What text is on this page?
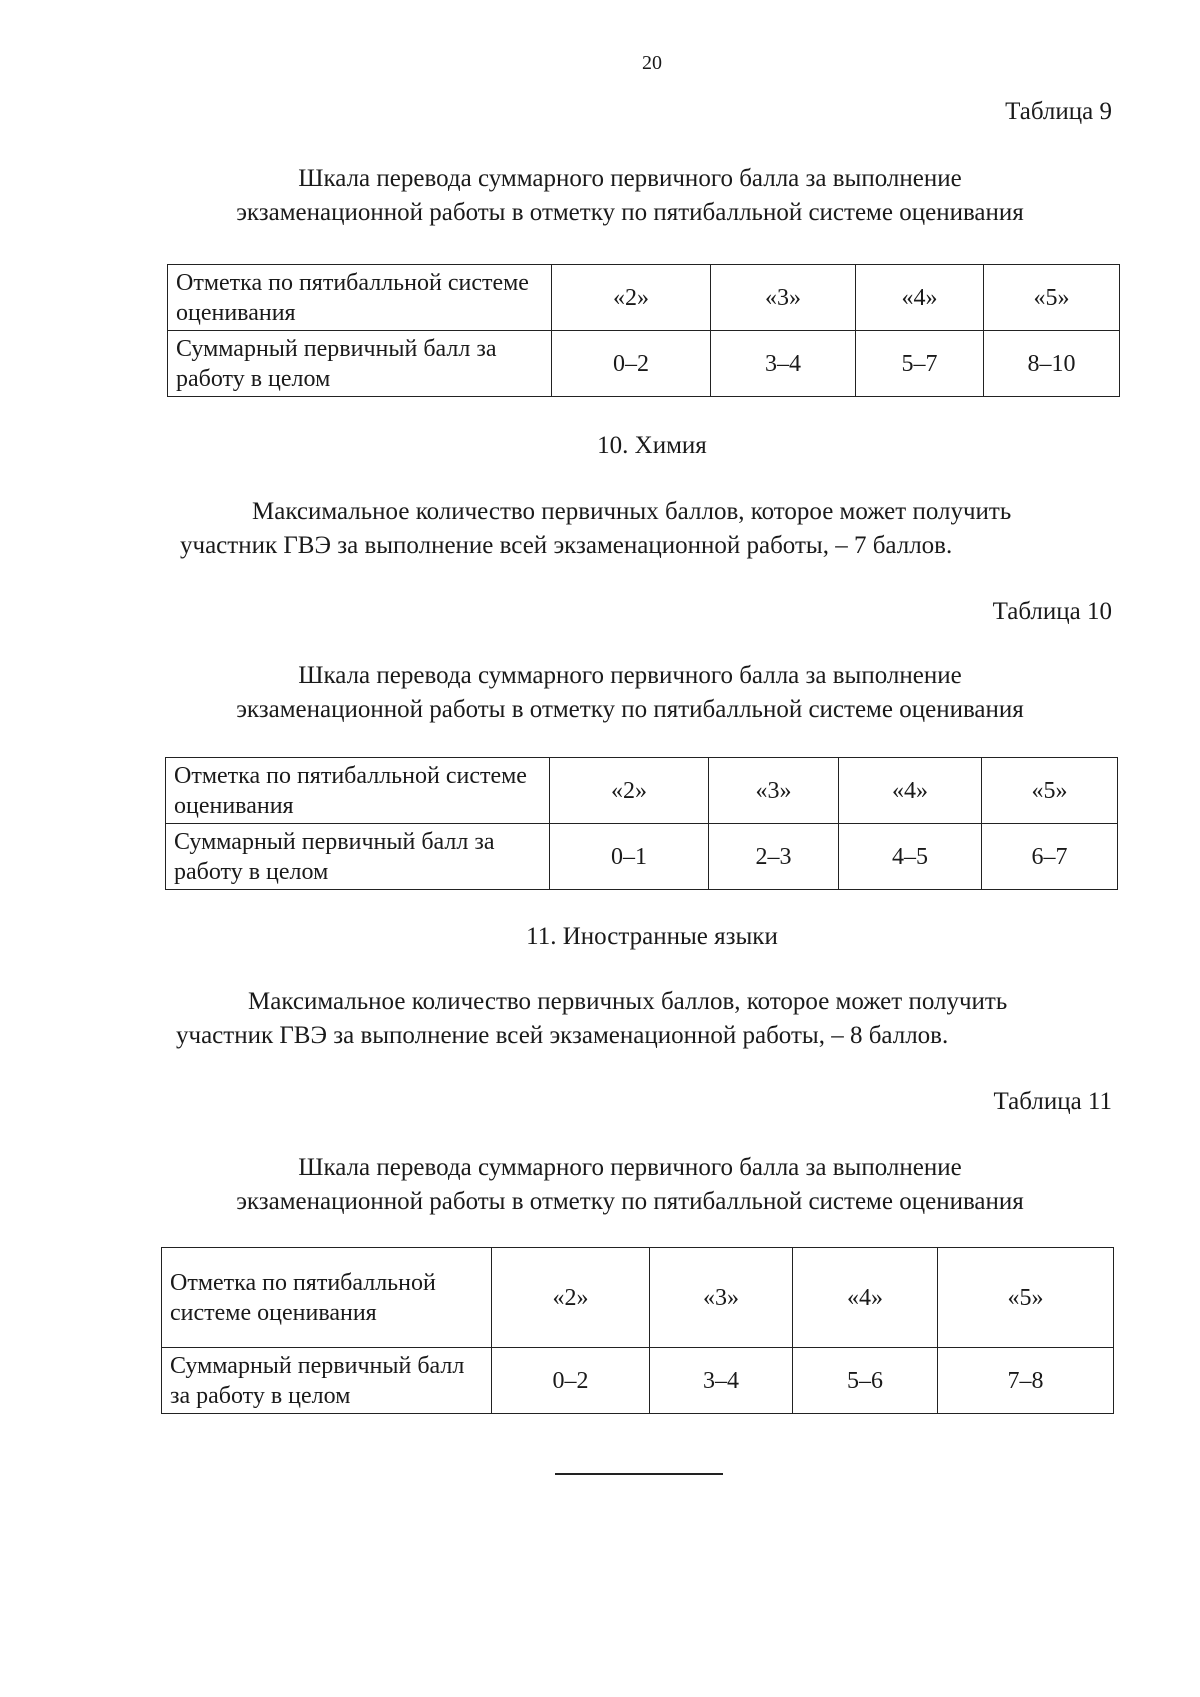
20
Таблица 9
Шкала перевода суммарного первичного балла за выполнение
экзаменационной работы в отметку по пятибалльной системе оценивания
Отметка по пятибалльной системе оценивания	«2»	«3»	«4»	«5»
Суммарный первичный балл за работу в целом	0–2	3–4	5–7	8–10
10. Химия
Максимальное количество первичных баллов, которое может получить
участник ГВЭ за выполнение всей экзаменационной работы, – 7 баллов.
Таблица 10
Шкала перевода суммарного первичного балла за выполнение
экзаменационной работы в отметку по пятибалльной системе оценивания
Отметка по пятибалльной системе оценивания	«2»	«3»	«4»	«5»
Суммарный первичный балл за работу в целом	0–1	2–3	4–5	6–7
11. Иностранные языки
Максимальное количество первичных баллов, которое может получить
участник ГВЭ за выполнение всей экзаменационной работы, – 8 баллов.
Таблица 11
Шкала перевода суммарного первичного балла за выполнение
экзаменационной работы в отметку по пятибалльной системе оценивания
Отметка по пятибалльной системе оценивания	«2»	«3»	«4»	«5»
Суммарный первичный балл за работу в целом	0–2	3–4	5–6	7–8
